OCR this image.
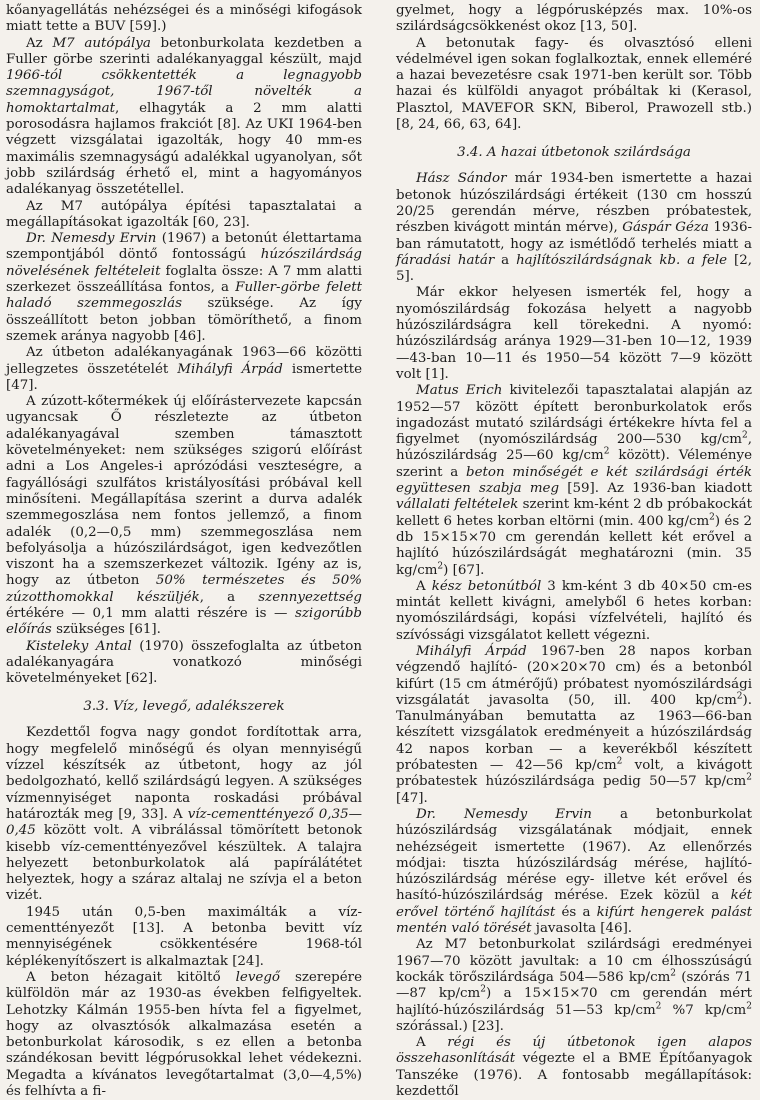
kőanyagellátás nehézségei és a minőségi kifogások miatt tette a BUV [59].)

Az M7 autópálya betonburkolata kezdetben a Fuller görbe szerinti adalékanyaggal készült, majd 1966-tól csökkentették a legnagyobb szemnagyságot, 1967-től növelték a homoktartalmat, elhagyták a 2 mm alatti porosodásra hajlamos frakciót [8]. Az UKI 1964-ben végzett vizsgálatai igazolták, hogy 40 mm-es maximális szemnagyságú adalékkal ugyanolyan, sőt jobb szilárdság érhető el, mint a hagyományos adalékanyag összetétellel.

Az M7 autópálya építési tapasztalatai a megállapításokat igazolták [60, 23].

Dr. Nemesdy Ervin (1967) a betonút élettartama szempontjából döntő fontosságú húzószilárdság növelésének feltételeit foglalta össze: A 7 mm alatti szerkezet összeállítása fontos, a Fuller-görbe felett haladó szemmegoszlás szüksége. Az így összeállított beton jobban tömöríthető, a finom szemek aránya nagyobb [46].

Az útbeton adalékanyagának 1963—66 közötti jellegzetes összetételét Mihályfi Árpád ismertette [47].

A zúzott-kőtermékek új előírástervezete kapcsán ugyancsak Ő részletezte az útbeton adalékanyagával szemben támasztott követelményeket: nem szükséges szigorú előírást adni a Los Angeles-i aprózódási veszteségre, a fagyállósági szulfátos kristályosítási próbával kell minősíteni. Megállapítása szerint a durva adalék szemmegoszlása nem fontos jellemző, a finom adalék (0,2—0,5 mm) szemmegoszlása nem befolyásolja a húzószilárdságot, igen kedvezőtlen viszont ha a szemszerkezet változik. Igény az is, hogy az útbeton 50% természetes és 50% zúzotthomokkal készüljék, a szennyezettség értékére — 0,1 mm alatti részére is — szigorúbb előírás szükséges [61].

Kisteleky Antal (1970) összefoglalta az útbeton adalékanyagára vonatkozó minőségi követelményeket [62].

3.3. Víz, levegő, adalékszerek

Kezdettől fogva nagy gondot fordítottak arra, hogy megfelelő minőségű és olyan mennyiségű vízzel készítsék az útbetont, hogy az jól bedolgozható, kellő szilárdságú legyen. A szükséges vízmennyiséget naponta roskadási próbával határozták meg [9, 33]. A víz-cementtényező 0,35—0,45 között volt. A vibrálással tömörített betonok kisebb víz-cementtényezővel készültek. A talajra helyezett betonburkolatok alá papírálátétet helyeztek, hogy a száraz altalaj ne szívja el a beton vizét.

1945 után 0,5-ben maximálták a víz-cementtényezőt [13]. A betonba bevitt víz mennyiségének csökkentésére 1968-tól képlékenyítőszert is alkalmaztak [24].

A beton hézagait kitöltő levegő szerepére külföldön már az 1930-as években felfigyeltek. Lehotzky Kálmán 1955-ben hívta fel a figyelmet, hogy az olvasztósók alkalmazása esetén a betonburkolat károsodik, s ez ellen a betonba szándékosan bevitt légpórusokkal lehet védekezni. Megadta a kívánatos levegőtartalmat (3,0—4,5%) és felhívta a fi-

gyelmet, hogy a légpórusképzés max. 10%-os szilárdságcsökkenést okoz [13, 50].

A betonutak fagy- és olvasztósó elleni védelmével igen sokan foglalkoztak, ennek elleméré a hazai bevezetésre csak 1971-ben került sor. Több hazai és külföldi anyagot próbáltak ki (Kerasol, Plasztol, MAVEFOR SKN, Biberol, Prawozell stb.) [8, 24, 66, 63, 64].

3.4. A hazai útbetonok szilárdsága

Hász Sándor már 1934-ben ismertette a hazai betonok húzószilárdsági értékeit (130 cm hosszú 20/25 gerendán mérve, részben próbatestek, részben kivágott mintán mérve), Gáspár Géza 1936-ban rámutatott, hogy az ismétlődő terhelés miatt a fáradási határ a hajlítószilárdságnak kb. a fele [2, 5].

Már ekkor helyesen ismerték fel, hogy a nyomószilárdság fokozása helyett a nagyobb húzószilárdságra kell törekedni. A nyomó: húzószilárdság aránya 1929—31-ben 10—12, 1939—43-ban 10—11 és 1950—54 között 7—9 között volt [1].

Matus Erich kivitelezői tapasztalatai alapján az 1952—57 között épített beronburkolatok erős ingadozást mutató szilárdsági értékekre hívta fel a figyelmet (nyomószilárdság 200—530 $kg/cm^2$, húzószilárdság 25—60 $kg/cm^2$ között). Véleménye szerint a beton minőségét e két szilárdsági érték együttesen szabja meg [59]. Az 1936-ban kiadott vállalati feltételek szerint km-ként 2 db próbakockát kellett 6 hetes korban eltörni (min. 400 $kg/cm^2$) és 2 db 15×15×70 cm gerendán kellett két erővel a hajlító húzószilárdságát meghatározni (min. 35 $kg/cm^2$) [67].

A kész betonútból 3 km-ként 3 db 40×50 cm-es mintát kellett kivágni, amelyből 6 hetes korban: nyomószilárdsági, kopási vízfelvételi, hajlító és szívóssági vizsgálatot kellett végezni.

Mihályfi Árpád 1967-ben 28 napos korban végzendő hajlító- (20×20×70 cm) és a betonból kifúrt (15 cm átmérőjű) próbatest nyomószilárdsági vizsgálatát javasolta (50, ill. 400 $kp/cm^2$). Tanulmányában bemutatta az 1963—66-ban készített vizsgálatok eredményeit a húzószilárdság 42 napos korban — a keverékből készített próbatesten — 42—56 $kp/cm^2$ volt, a kivágott próbatestek húzószilárdsága pedig 50—57 $kp/cm^2$ [47].

Dr. Nemesdy Ervin a betonburkolat húzószilárdság vizsgálatának módjait, ennek nehézségeit ismertette (1967). Az ellenőrzés módjai: tiszta húzószilárdság mérése, hajlító-húzószilárdság mérése egy- illetve két erővel és hasító-húzószilárdság mérése. Ezek közül a két erővel történő hajlítást és a kifúrt hengerek palást mentén való törését javasolta [46].

Az M7 betonburkolat szilárdsági eredményei 1967—70 között javultak: a 10 cm élhosszúságú kockák törőszilárdsága 504—586 $kp/cm^2$ (szórás 71—87 $kp/cm^2$) a 15×15×70 cm gerendán mért hajlító-húzószilárdság 51—53 $kp/cm^2$ %7 $kp/cm^2$ szórással.) [23].

A régi és új útbetonok igen alapos összehasonlítását végezte el a BME Építőanyagok Tanszéke (1976). A fontosabb megállapítások: kezdettől
